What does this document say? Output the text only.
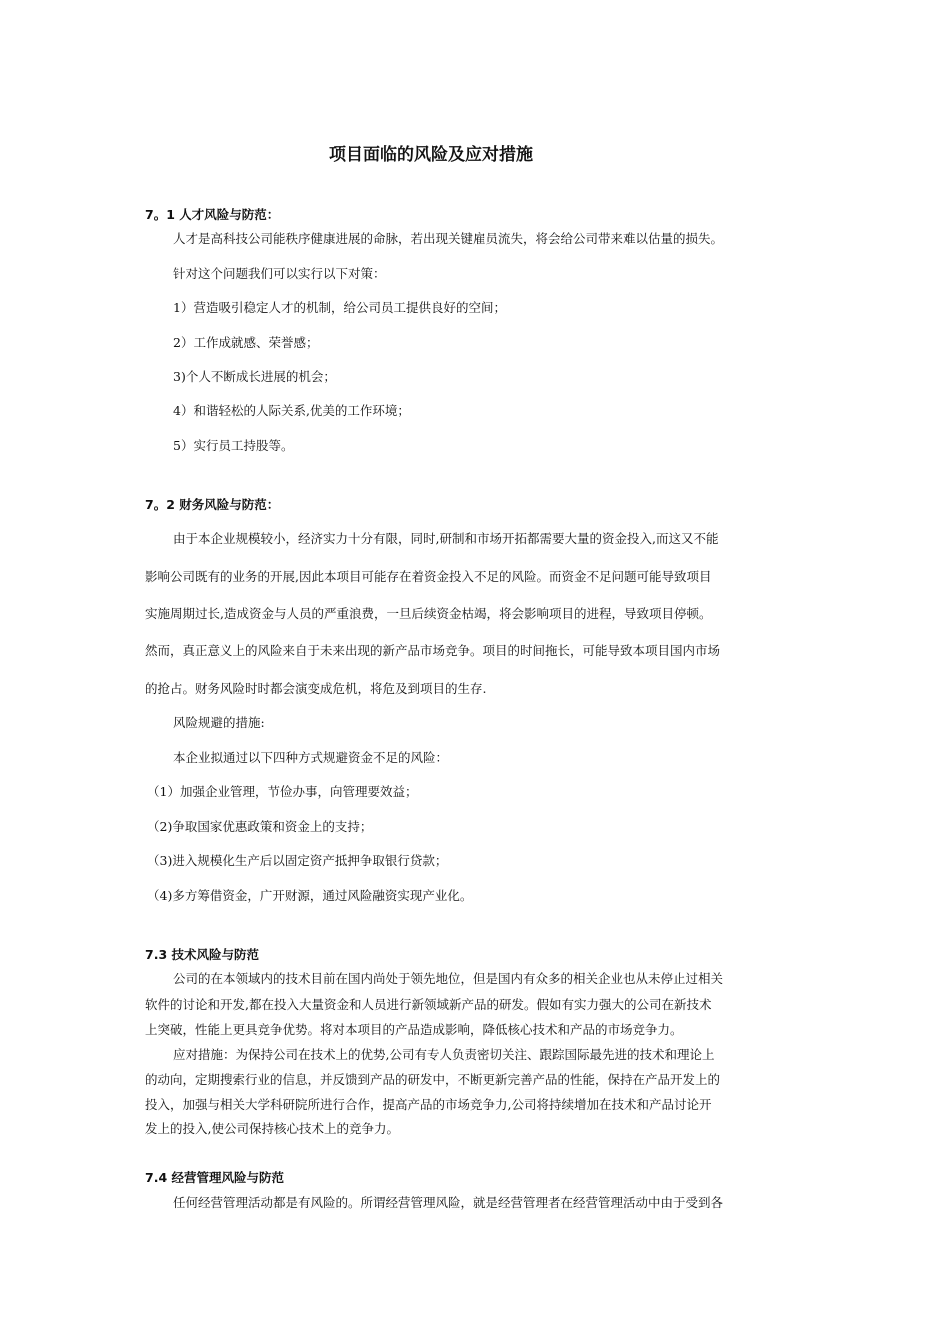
项目面临的风险及应对措施
7。1 人才风险与防范：
人才是高科技公司能秩序健康进展的命脉，若出现关键雇员流失，将会给公司带来难以估量的损失。
针对这个问题我们可以实行以下对策：
1）营造吸引稳定人才的机制，给公司员工提供良好的空间；
2）工作成就感、荣誉感；
3)个人不断成长进展的机会；
4）和谐轻松的人际关系,优美的工作环境；
5）实行员工持股等。
7。2 财务风险与防范：
由于本企业规模较小，经济实力十分有限，同时,研制和市场开拓都需要大量的资金投入,而这又不能
影响公司既有的业务的开展,因此本项目可能存在着资金投入不足的风险。而资金不足问题可能导致项目
实施周期过长,造成资金与人员的严重浪费，一旦后续资金枯竭，将会影响项目的进程，导致项目停顿。
然而，真正意义上的风险来自于未来出现的新产品市场竞争。项目的时间拖长，可能导致本项目国内市场
的抢占。财务风险时时都会演变成危机，将危及到项目的生存.
风险规避的措施:
本企业拟通过以下四种方式规避资金不足的风险：
（1）加强企业管理，节俭办事，向管理要效益；
（2)争取国家优惠政策和资金上的支持；
（3)进入规模化生产后以固定资产抵押争取银行贷款；
（4)多方筹借资金，广开财源，通过风险融资实现产业化。
7.3 技术风险与防范
公司的在本领域内的技术目前在国内尚处于领先地位，但是国内有众多的相关企业也从未停止过相关
软件的讨论和开发,都在投入大量资金和人员进行新领域新产品的研发。假如有实力强大的公司在新技术
上突破，性能上更具竞争优势。将对本项目的产品造成影响，降低核心技术和产品的市场竞争力。
应对措施：为保持公司在技术上的优势,公司有专人负责密切关注、跟踪国际最先进的技术和理论上
的动向，定期搜索行业的信息，并反馈到产品的研发中，不断更新完善产品的性能，保持在产品开发上的
投入，加强与相关大学科研院所进行合作，提高产品的市场竞争力,公司将持续增加在技术和产品讨论开
发上的投入,使公司保持核心技术上的竞争力。
7.4 经营管理风险与防范
任何经营管理活动都是有风险的。所谓经营管理风险，就是经营管理者在经营管理活动中由于受到各
